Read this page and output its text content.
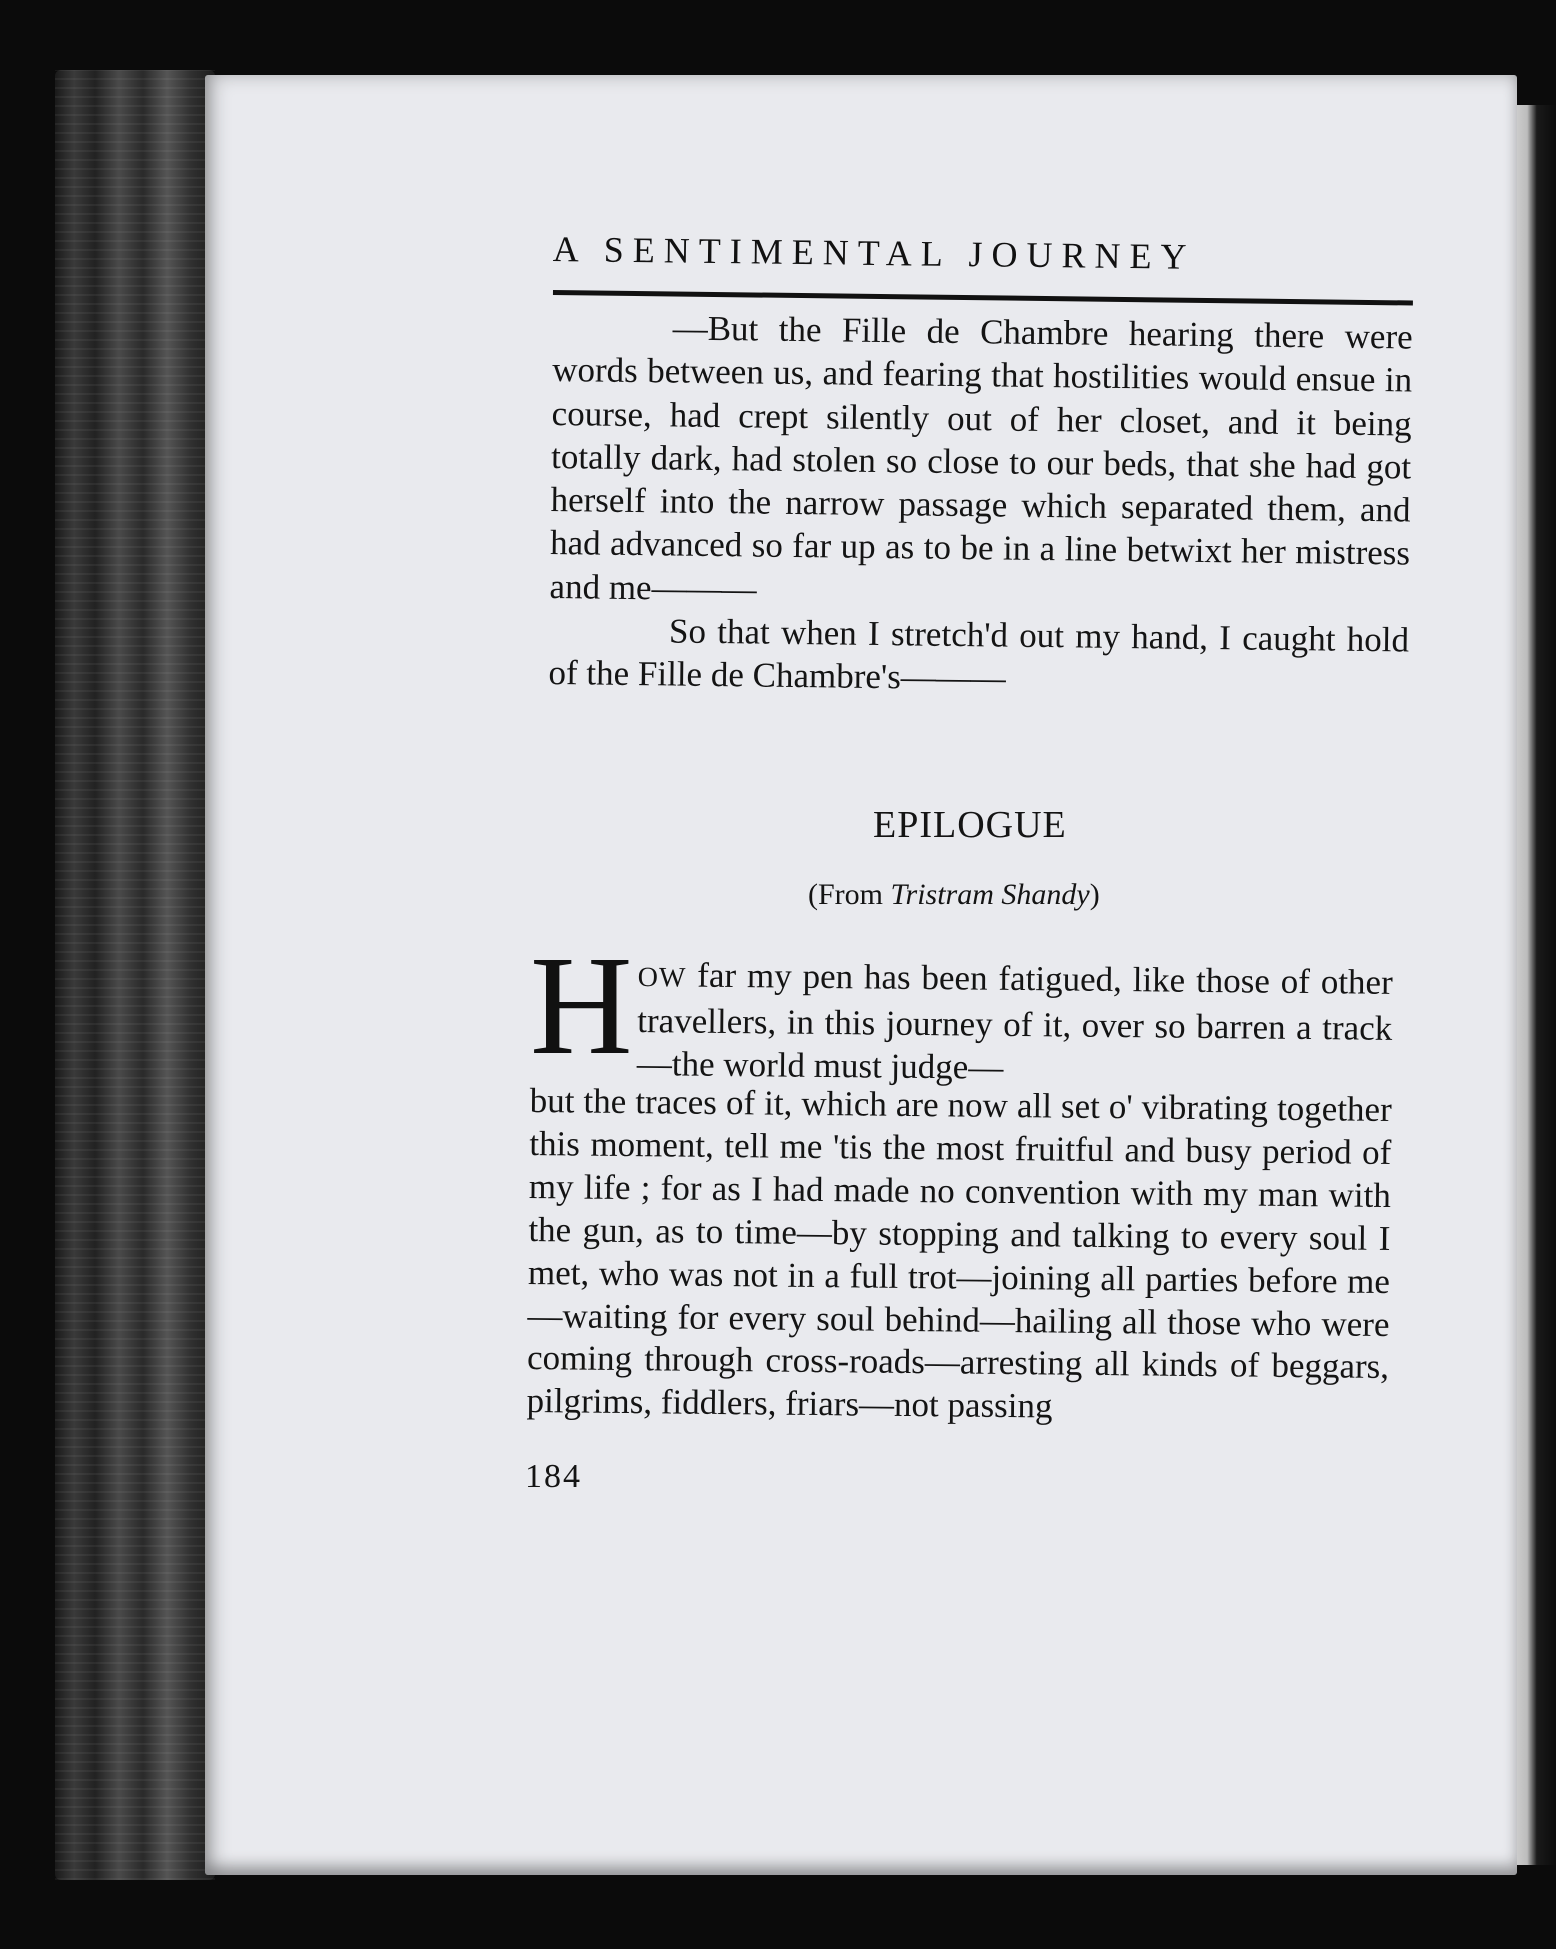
A SENTIMENTAL JOURNEY

—But the Fille de Chambre hearing there were words between us, and fearing that hostilities would ensue in course, had crept silently out of her closet, and it being totally dark, had stolen so close to our beds, that she had got herself into the narrow passage which separated them, and had advanced so far up as to be in a line betwixt her mistress and me———

So that when I stretch'd out my hand, I caught hold of the Fille de Chambre's———

EPILOGUE
(From Tristram Shandy)
H OW far my pen has been fatigued, like those of other travellers, in this journey of it, over so barren a track—the world must judge—
but the traces of it, which are now all set o' vibrating together this moment, tell me 'tis the most fruitful and busy period of my life ; for as I had made no convention with my man with the gun, as to time—by stopping and talking to every soul I met, who was not in a full trot—joining all parties before me —waiting for every soul behind—hailing all those who were coming through cross-roads—arresting all kinds of beggars, pilgrims, fiddlers, friars—not passing
184
